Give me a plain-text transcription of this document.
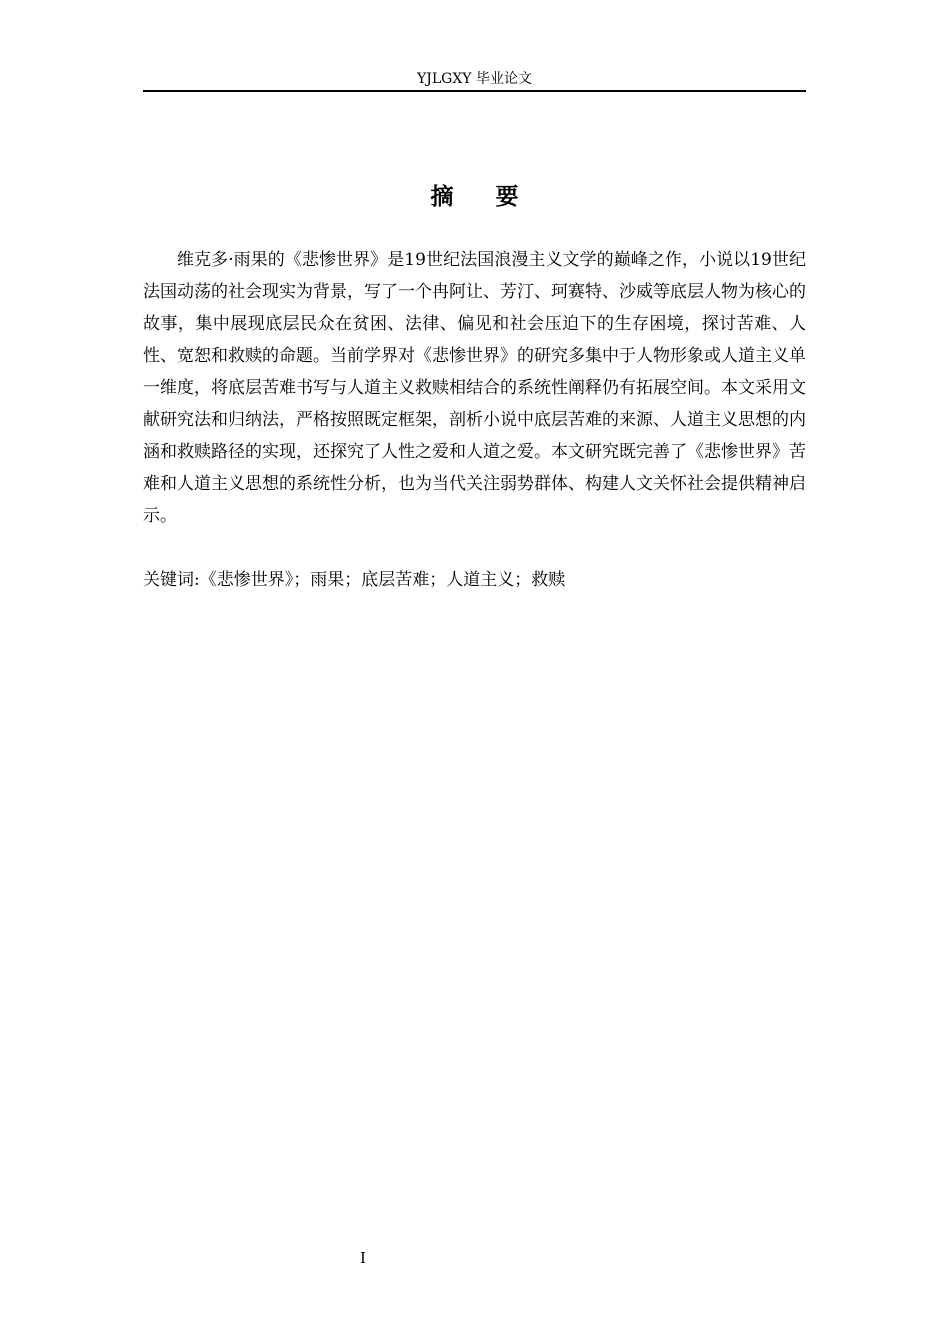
YJLGXY 毕业论文
摘要

维克多·雨果的《悲惨世界》是19世纪法国浪漫主义文学的巅峰之作，小说以19世纪法国动荡的社会现实为背景，写了一个冉阿让、芳汀、珂赛特、沙威等底层人物为核心的故事，集中展现底层民众在贫困、法律、偏见和社会压迫下的生存困境，探讨苦难、人性、宽恕和救赎的命题。当前学界对《悲惨世界》的研究多集中于人物形象或人道主义单一维度，将底层苦难书写与人道主义救赎相结合的系统性阐释仍有拓展空间。本文采用文献研究法和归纳法，严格按照既定框架，剖析小说中底层苦难的来源、人道主义思想的内涵和救赎路径的实现，还探究了人性之爱和人道之爱。本文研究既完善了《悲惨世界》苦难和人道主义思想的系统性分析，也为当代关注弱势群体、构建人文关怀社会提供精神启示。

关键词:《悲惨世界》；雨果；底层苦难；人道主义；救赎

I
